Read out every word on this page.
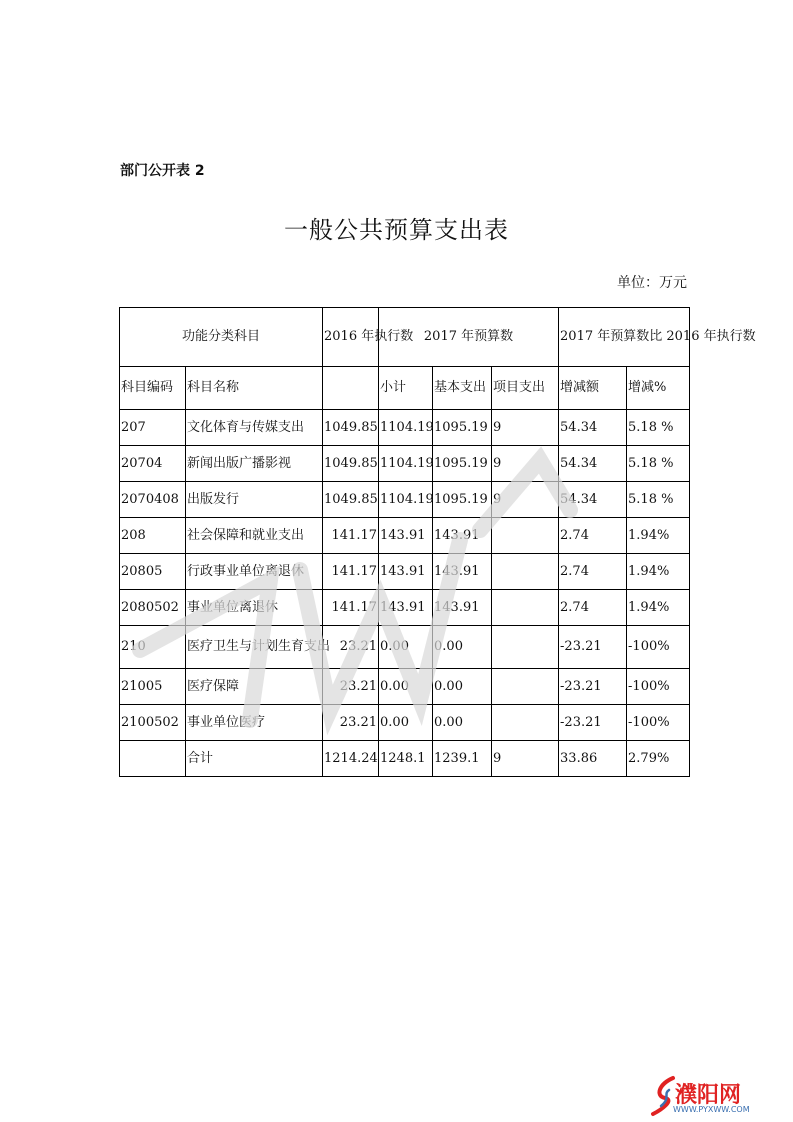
部门公开表 2
一般公共预算支出表
单位：万元
功能分类科目		2016 年执行数	2017 年预算数			2017 年预算数比 2016 年执行数	
科目编码	科目名称		小计	基本支出	项目支出	增减额	增减%
207	文化体育与传媒支出	1049.85	1104.19	1095.19	9	54.34	5.18 %
20704	新闻出版广播影视	1049.85	1104.19	1095.19	9	54.34	5.18 %
2070408	出版发行	1049.85	1104.19	1095.19	9	54.34	5.18 %
208	社会保障和就业支出	141.17	143.91	143.91		2.74	1.94%
20805	行政事业单位离退休	141.17	143.91	143.91		2.74	1.94%
2080502	事业单位离退休	141.17	143.91	143.91		2.74	1.94%
210	医疗卫生与计划生育支出	23.21	0.00	0.00		-23.21	-100%
21005	医疗保障	23.21	0.00	0.00		-23.21	-100%
2100502	事业单位医疗	23.21	0.00	0.00		-23.21	-100%
	合计	1214.24	1248.1	1239.1	9	33.86	2.79%
濮阳网
WWW.PYXWW.COM
